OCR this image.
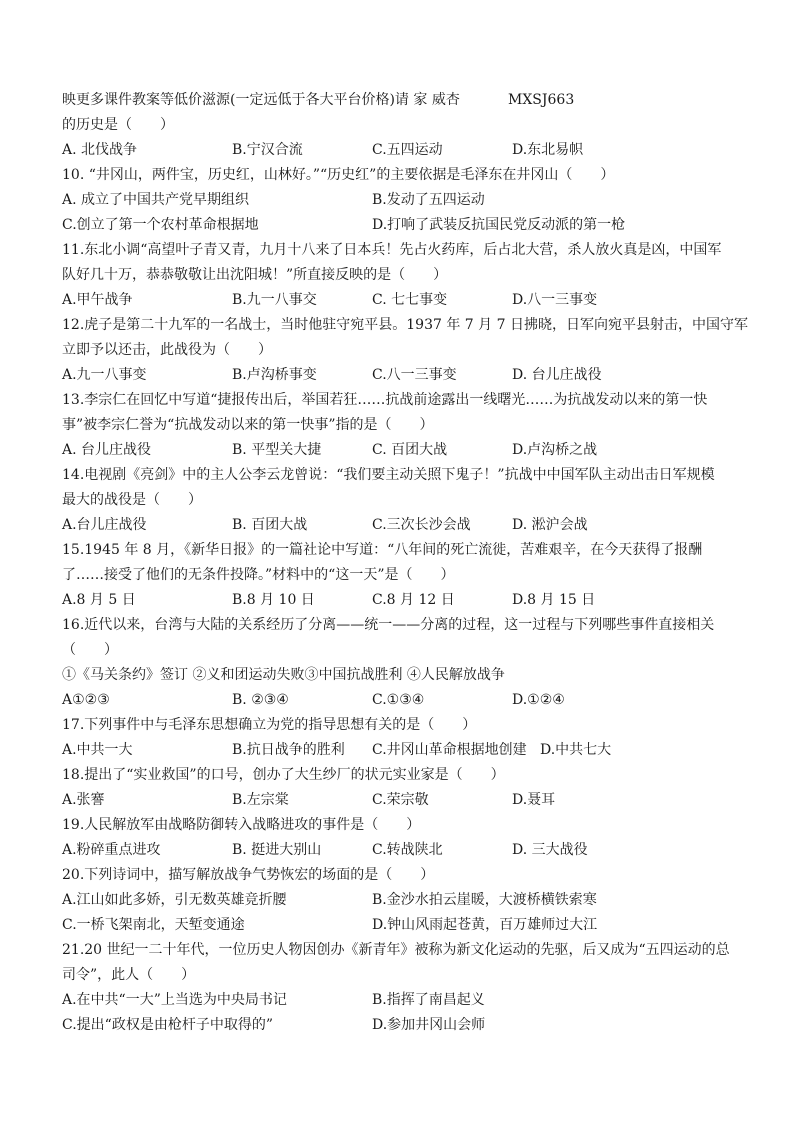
映更多课件教案等低价滋源(一定远低于各大平台价格)请 家 威杏	MXSJ663
的历史是（　　）
A. 北伐战争	B.宁汉合流	C.五四运动	D.东北易帜
10. “井冈山，两件宝，历史红，山林好。”“历史红”的主要依据是毛泽东在井冈山（　　）
A. 成立了中国共产党早期组织	B.发动了五四运动
C.创立了第一个农村革命根据地	D.打响了武装反抗国民党反动派的第一枪
11.东北小调“高望叶子青又青，九月十八来了日本兵！先占火药库，后占北大营，杀人放火真是凶，中国军
队好几十万，恭恭敬敬让出沈阳城！”所直接反映的是（　　）
A.甲午战争	B.九一八事交	C. 七七事变	D.八一三事变
12.虎子是第二十九军的一名战士，当时他驻守宛平县。1937 年 7 月 7 日拂晓，日军向宛平县射击，中国守军
立即予以还击，此战役为（　　）
A.九一八事变	B.卢沟桥事变	C.八一三事变	D. 台儿庄战役
13.李宗仁在回忆中写道“捷报传出后，举国若狂……抗战前途露出一线曙光……为抗战发动以来的第一快
事”被李宗仁誉为“抗战发动以来的第一快事”指的是（　　）
A. 台儿庄战役	B. 平型关大捷	C. 百团大战	D.卢沟桥之战
14.电视剧《亮剑》中的主人公李云龙曾说：“我们要主动关照下鬼子！”抗战中中国军队主动出击日军规模
最大的战役是（　　）
A.台儿庄战役	B. 百团大战	C.三次长沙会战	D. 淞沪会战
15.1945 年 8 月，《新华日报》的一篇社论中写道：“八年间的死亡流徙，苦难艰辛，在今天获得了报酬
了……接受了他们的无条件投降。”材料中的“这一天”是（　　）
A.8 月 5 日	B.8 月 10 日	C.8 月 12 日	D.8 月 15 日
16.近代以来，台湾与大陆的关系经历了分离——统一——分离的过程，这一过程与下列哪些事件直接相关
（　　）
①《马关条约》签订 ②义和团运动失败③中国抗战胜利 ④人民解放战争
A①②③	B. ②③④	C.①③④	D.①②④
17.下列事件中与毛泽东思想确立为党的指导思想有关的是（　　）
A.中共一大	B.抗日战争的胜利 C.井冈山革命根据地创建 D.中共七大
18.提出了“实业救国”的口号，创办了大生纱厂的状元实业家是（　　）
A.张謇	B.左宗棠	C.荣宗敬	D.聂耳
19.人民解放军由战略防御转入战略进攻的事件是（　　）
A.粉碎重点进攻	B. 挺进大别山	C.转战陕北	D. 三大战役
20.下列诗词中，描写解放战争气势恢宏的场面的是（　　）
A.江山如此多娇，引无数英雄竞折腰	B.金沙水拍云崖暖，大渡桥横铁索寒
C.一桥飞架南北，天堑变通途	D.钟山风雨起苍黄，百万雄师过大江
21.20 世纪一二十年代，一位历史人物因创办《新青年》被称为新文化运动的先驱，后又成为“五四运动的总
司令”，此人（　　）
A.在中共“一大”上当选为中央局书记	B.指挥了南昌起义
C.提出“政权是由枪杆子中取得的”	D.参加井冈山会师
